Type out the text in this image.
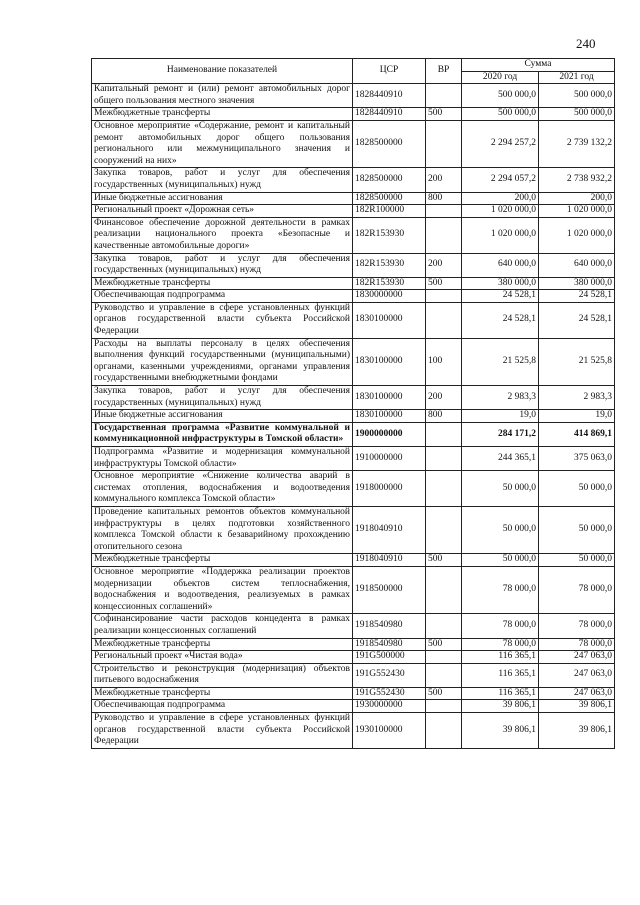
240
Наименование показателей	ЦСР	ВР	Сумма	
			2020 год	2021 год
Капитальный ремонт и (или) ремонт автомобильных дорог общего пользования местного значения	1828440910		500 000,0	500 000,0
Межбюджетные трансферты	1828440910	500	500 000,0	500 000,0
Основное мероприятие «Содержание, ремонт и капитальный ремонт автомобильных дорог общего пользования регионального или межмуниципального значения и сооружений на них»	1828500000		2 294 257,2	2 739 132,2
Закупка товаров, работ и услуг для обеспечения государственных (муниципальных) нужд	1828500000	200	2 294 057,2	2 738 932,2
Иные бюджетные ассигнования	1828500000	800	200,0	200,0
Региональный проект «Дорожная сеть»	182R100000		1 020 000,0	1 020 000,0
Финансовое обеспечение дорожной деятельности в рамках реализации национального проекта «Безопасные и качественные автомобильные дороги»	182R153930		1 020 000,0	1 020 000,0
Закупка товаров, работ и услуг для обеспечения государственных (муниципальных) нужд	182R153930	200	640 000,0	640 000,0
Межбюджетные трансферты	182R153930	500	380 000,0	380 000,0
Обеспечивающая подпрограмма	1830000000		24 528,1	24 528,1
Руководство и управление в сфере установленных функций органов государственной власти субъекта Российской Федерации	1830100000		24 528,1	24 528,1
Расходы на выплаты персоналу в целях обеспечения выполнения функций государственными (муниципальными) органами, казенными учреждениями, органами управления государственными внебюджетными фондами	1830100000	100	21 525,8	21 525,8
Закупка товаров, работ и услуг для обеспечения государственных (муниципальных) нужд	1830100000	200	2 983,3	2 983,3
Иные бюджетные ассигнования	1830100000	800	19,0	19,0
Государственная программа «Развитие коммунальной и коммуникационной инфраструктуры в Томской области»	1900000000		284 171,2	414 869,1
Подпрограмма «Развитие и модернизация коммунальной инфраструктуры Томской области»	1910000000		244 365,1	375 063,0
Основное мероприятие «Снижение количества аварий в системах отопления, водоснабжения и водоотведения коммунального комплекса Томской области»	1918000000		50 000,0	50 000,0
Проведение капитальных ремонтов объектов коммунальной инфраструктуры в целях подготовки хозяйственного комплекса Томской области к безаварийному прохождению отопительного сезона	1918040910		50 000,0	50 000,0
Межбюджетные трансферты	1918040910	500	50 000,0	50 000,0
Основное мероприятие «Поддержка реализации проектов модернизации объектов систем теплоснабжения, водоснабжения и водоотведения, реализуемых в рамках концессионных соглашений»	1918500000		78 000,0	78 000,0
Софинансирование части расходов концедента в рамках реализации концессионных соглашений	1918540980		78 000,0	78 000,0
Межбюджетные трансферты	1918540980	500	78 000,0	78 000,0
Региональный проект «Чистая вода»	191G500000		116 365,1	247 063,0
Строительство и реконструкция (модернизация) объектов питьевого водоснабжения	191G552430		116 365,1	247 063,0
Межбюджетные трансферты	191G552430	500	116 365,1	247 063,0
Обеспечивающая подпрограмма	1930000000		39 806,1	39 806,1
Руководство и управление в сфере установленных функций органов государственной власти субъекта Российской Федерации	1930100000		39 806,1	39 806,1
